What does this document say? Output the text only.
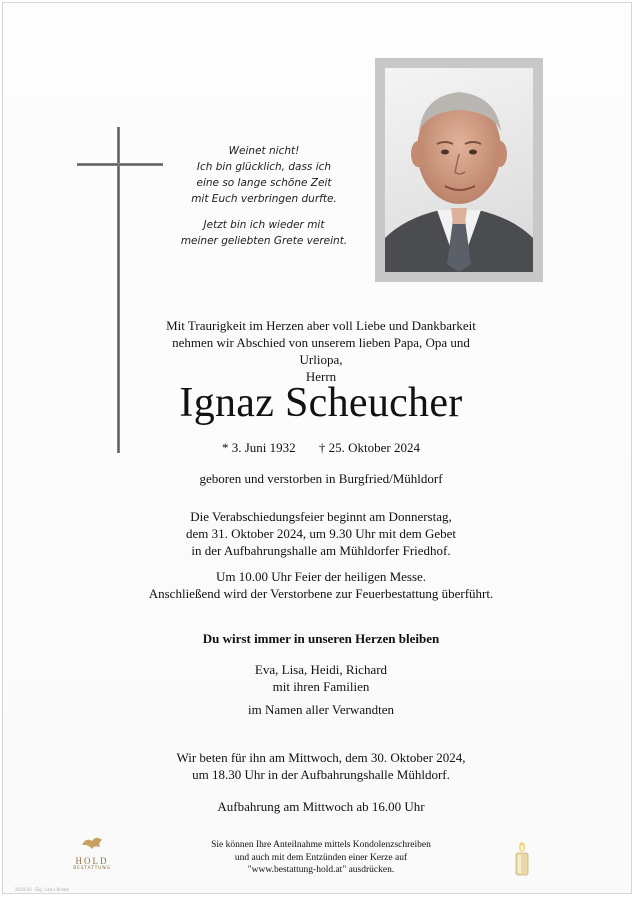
Weinet nicht!
Ich bin glücklich, dass ich
eine so lange schöne Zeit
mit Euch verbringen durfte.
Jetzt bin ich wieder mit
meiner geliebten Grete vereint.
Mit Traurigkeit im Herzen aber voll Liebe und Dankbarkeit
nehmen wir Abschied von unserem lieben Papa, Opa und Urliopa,
Herrn
Ignaz Scheucher
* 3. Juni 1932 † 25. Oktober 2024
geboren und verstorben in Burgfried/Mühldorf
Die Verabschiedungsfeier beginnt am Donnerstag,
dem 31. Oktober 2024, um 9.30 Uhr mit dem Gebet
in der Aufbahrungshalle am Mühldorfer Friedhof.
Um 10.00 Uhr Feier der heiligen Messe.
Anschließend wird der Verstorbene zur Feuerbestattung überführt.
Du wirst immer in unseren Herzen bleiben
Eva, Lisa, Heidi, Richard
mit ihren Familien
im Namen aller Verwandten
Wir beten für ihn am Mittwoch, dem 30. Oktober 2024,
um 18.30 Uhr in der Aufbahrungshalle Mühldorf.
Aufbahrung am Mittwoch ab 16.00 Uhr
HOLD
BESTATTUNG
Sie können Ihre Anteilnahme mittels Kondolenzschreiben
und auch mit dem Entzünden einer Kerze auf
"www.bestattung-hold.at" ausdrücken.
2024-10 · Eig. Lisa's Kinder
